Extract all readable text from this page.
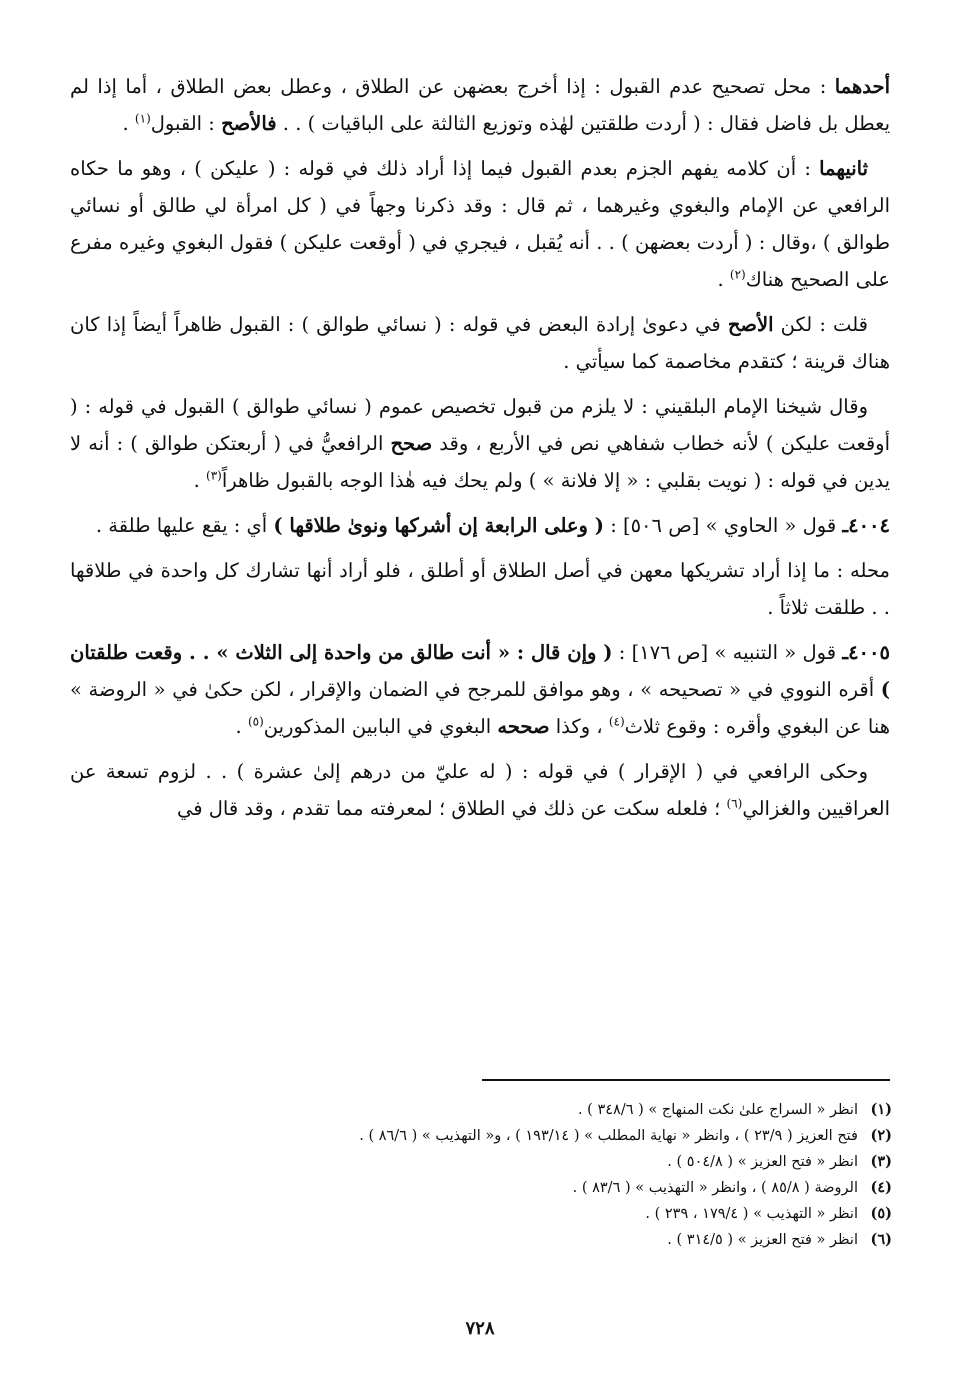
أحدهما : محل تصحيح عدم القبول : إذا أخرج بعضهن عن الطلاق ، وعطل بعض الطلاق ، أما إذا لم يعطل بل فاضل فقال : ( أردت طلقتين لهٰذه وتوزيع الثالثة على الباقيات ) . . فالأصح : القبول$^{(١)}$ .

ثانيهما : أن كلامه يفهم الجزم بعدم القبول فيما إذا أراد ذلك في قوله : ( عليكن ) ، وهو ما حكاه الرافعي عن الإمام والبغوي وغيرهما ، ثم قال : وقد ذكرنا وجهاً في ( كل امرأة لي طالق أو نسائي طوالق ) ،وقال : ( أردت بعضهن ) . . أنه يُقبل ، فيجري في ( أوقعت عليكن ) فقول البغوي وغيره مفرع على الصحيح هناك$^{(٢)}$ .

قلت : لكن الأصح في دعوىٰ إرادة البعض في قوله : ( نسائي طوالق ) : القبول ظاهراً أيضاً إذا كان هناك قرينة ؛ كتقدم مخاصمة كما سيأتي .

وقال شيخنا الإمام البلقيني : لا يلزم من قبول تخصيص عموم ( نسائي طوالق ) القبول في قوله : ( أوقعت عليكن ) لأنه خطاب شفاهي نص في الأربع ، وقد صحح الرافعيُّ في ( أربعتكن طوالق ) : أنه لا يدين في قوله : ( نويت بقلبي : « إلا فلانة » ) ولم يحك فيه هٰذا الوجه بالقبول ظاهراً$^{(٣)}$ .

٤٠٠٤ـ قول « الحاوي » [ص ٥٠٦] : ( وعلى الرابعة إن أشركها ونوىٰ طلاقها ) أي : يقع عليها طلقة .

محله : ما إذا أراد تشريكها معهن في أصل الطلاق أو أطلق ، فلو أراد أنها تشارك كل واحدة في طلاقها . . طلقت ثلاثاً .

٤٠٠٥ـ قول « التنبيه » [ص ١٧٦] : ( وإن قال : « أنت طالق من واحدة إلى الثلاث » . . وقعت طلقتان ) أقره النووي في « تصحيحه » ، وهو موافق للمرجح في الضمان والإقرار ، لكن حكىٰ في « الروضة » هنا عن البغوي وأقره : وقوع ثلاث$^{(٤)}$ ، وكذا صححه البغوي في البابين المذكورين$^{(٥)}$ .

وحكى الرافعي في ( الإقرار ) في قوله : ( له عليّ من درهم إلىٰ عشرة ) . . لزوم تسعة عن العراقيين والغزالي$^{(٦)}$ ؛ فلعله سكت عن ذلك في الطلاق ؛ لمعرفته مما تقدم ، وقد قال في

(١)
انظر « السراج علىٰ نكت المنهاج » ( ٣٤٨/٦ ) .
(٢)
فتح العزيز ( ٢٣/٩ ) ، وانظر « نهاية المطلب » ( ١٩٣/١٤ ) ، و« التهذيب » ( ٨٦/٦ ) .
(٣)
انظر « فتح العزيز » ( ٥٠٤/٨ ) .
(٤)
الروضة ( ٨٥/٨ ) ، وانظر « التهذيب » ( ٨٣/٦ ) .
(٥)
انظر « التهذيب » ( ١٧٩/٤ ، ٢٣٩ ) .
(٦)
انظر « فتح العزيز » ( ٣١٤/٥ ) .
٧٢٨
